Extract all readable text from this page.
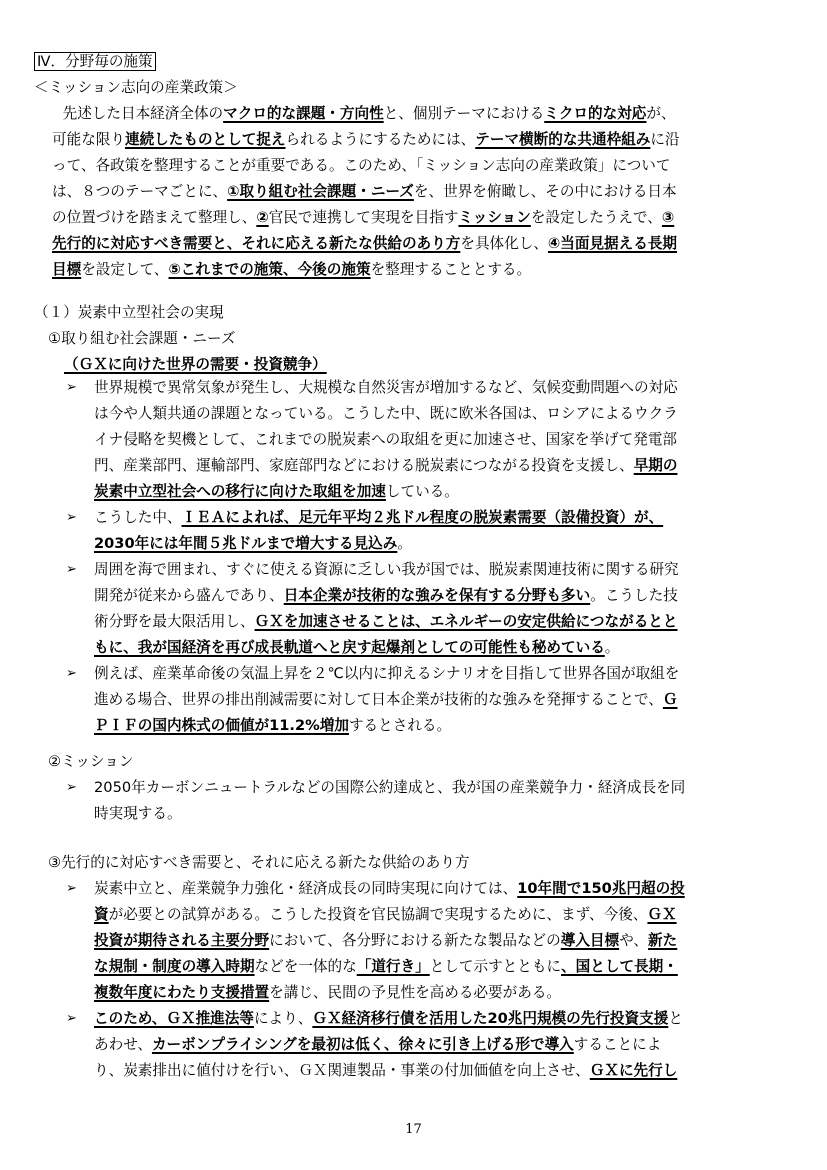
Ⅳ．分野毎の施策
＜ミッション志向の産業政策＞
　先述した日本経済全体のマクロ的な課題・方向性と、個別テーマにおけるミクロ的な対応が、
可能な限り連続したものとして捉えられるようにするためには、テーマ横断的な共通枠組みに沿
って、各政策を整理することが重要である。このため、「ミッション志向の産業政策」について
は、８つのテーマごとに、①取り組む社会課題・ニーズを、世界を俯瞰し、その中における日本
の位置づけを踏まえて整理し、②官民で連携して実現を目指すミッションを設定したうえで、③
先行的に対応すべき需要と、それに応える新たな供給のあり方を具体化し、④当面見据える長期
目標を設定して、⑤これまでの施策、今後の施策を整理することとする。
（１）炭素中立型社会の実現
①取り組む社会課題・ニーズ
（ＧＸに向けた世界の需要・投資競争）
➢ 世界規模で異常気象が発生し、大規模な自然災害が増加するなど、気候変動問題への対応
は今や人類共通の課題となっている。こうした中、既に欧米各国は、ロシアによるウクラ
イナ侵略を契機として、これまでの脱炭素への取組を更に加速させ、国家を挙げて発電部
門、産業部門、運輸部門、家庭部門などにおける脱炭素につながる投資を支援し、早期の
炭素中立型社会への移行に向けた取組を加速している。
➢ こうした中、ＩＥＡによれば、足元年平均２兆ドル程度の脱炭素需要（設備投資）が、
2030年には年間５兆ドルまで増大する見込み。
➢ 周囲を海で囲まれ、すぐに使える資源に乏しい我が国では、脱炭素関連技術に関する研究
開発が従来から盛んであり、日本企業が技術的な強みを保有する分野も多い。こうした技
術分野を最大限活用し、ＧＸを加速させることは、エネルギーの安定供給につながるとと
もに、我が国経済を再び成長軌道へと戻す起爆剤としての可能性も秘めている。
➢ 例えば、産業革命後の気温上昇を２℃以内に抑えるシナリオを目指して世界各国が取組を
進める場合、世界の排出削減需要に対して日本企業が技術的な強みを発揮することで、Ｇ
ＰＩＦの国内株式の価値が11.2%増加するとされる。
②ミッション
➢ 2050年カーボンニュートラルなどの国際公約達成と、我が国の産業競争力・経済成長を同
時実現する。
③先行的に対応すべき需要と、それに応える新たな供給のあり方
➢ 炭素中立と、産業競争力強化・経済成長の同時実現に向けては、10年間で150兆円超の投
資が必要との試算がある。こうした投資を官民協調で実現するために、まず、今後、ＧＸ
投資が期待される主要分野において、各分野における新たな製品などの導入目標や、新た
な規制・制度の導入時期などを一体的な「道行き」として示すとともに、国として長期・
複数年度にわたり支援措置を講じ、民間の予見性を高める必要がある。
➢ このため、ＧＸ推進法等により、ＧＸ経済移行債を活用した20兆円規模の先行投資支援と
あわせ、カーボンプライシングを最初は低く、徐々に引き上げる形で導入することによ
り、炭素排出に値付けを行い、ＧＸ関連製品・事業の付加価値を向上させ、ＧＸに先行し
17
